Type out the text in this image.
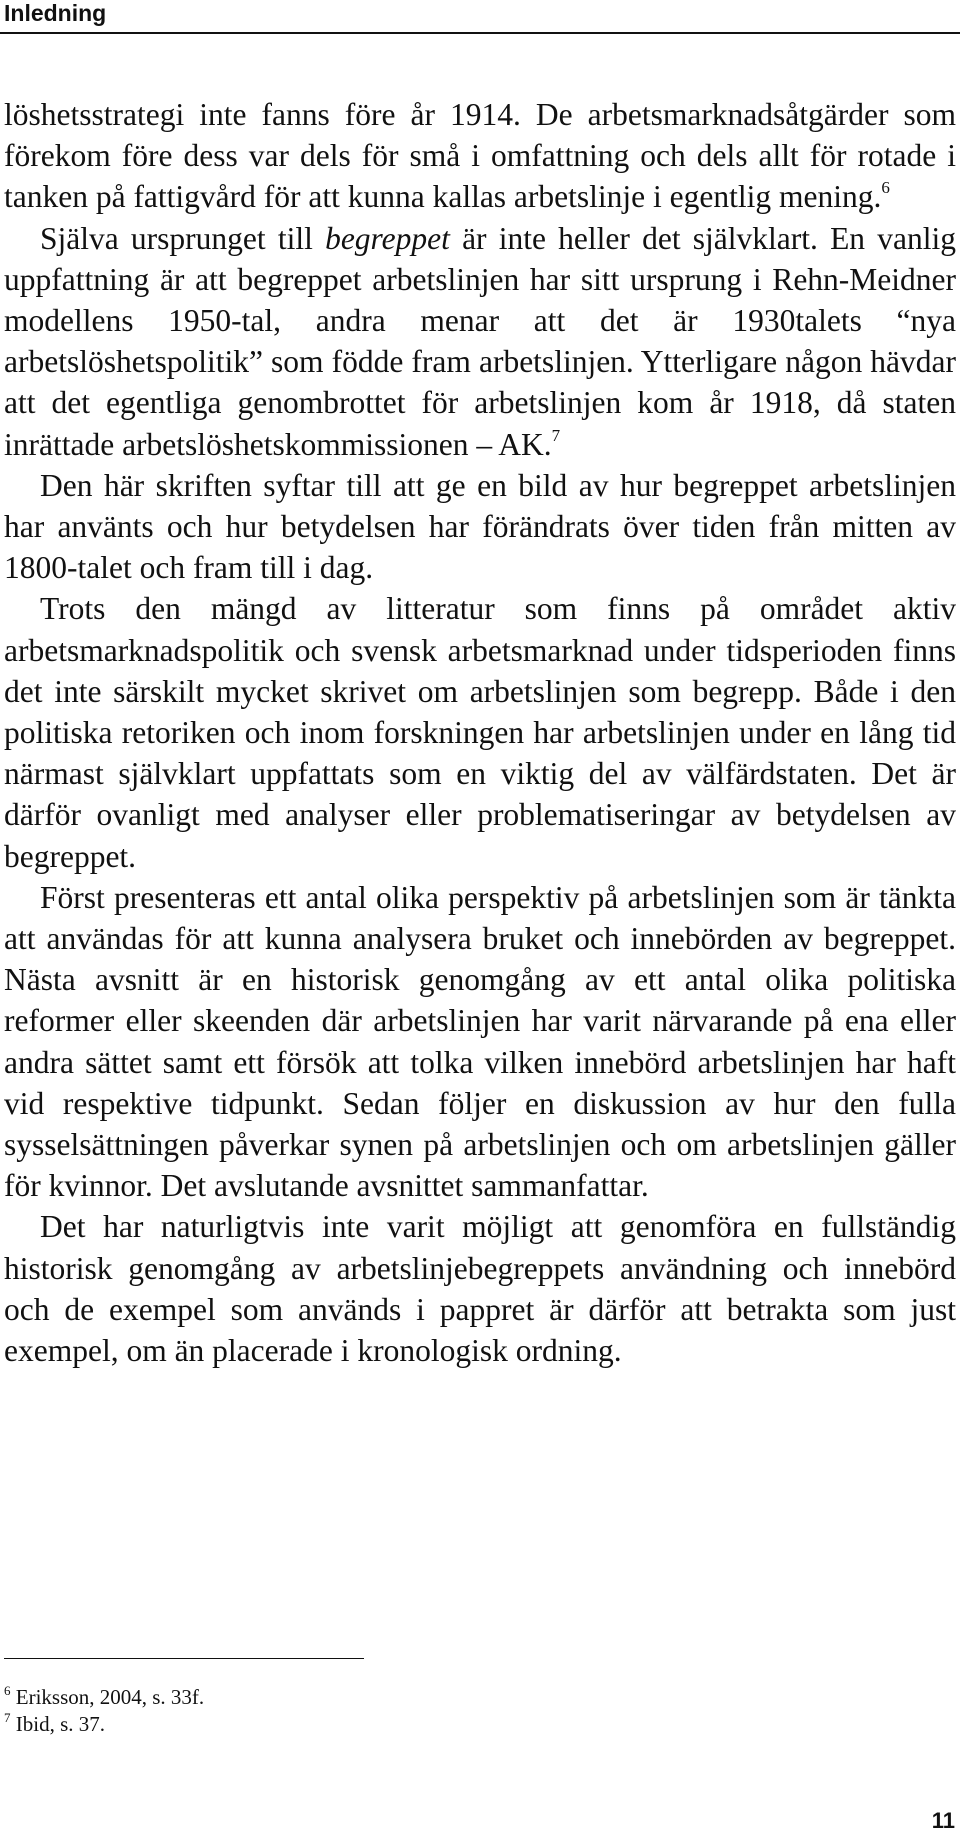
Inledning

löshetsstrategi inte fanns före år 1914. De arbetsmarknadsåtgärder som förekom före dess var dels för små i omfattning och dels allt för rotade i tanken på fattigvård för att kunna kallas arbetslinje i egentlig mening.$^6$

Själva ursprunget till begreppet är inte heller det självklart. En vanlig uppfattning är att begreppet arbetslinjen har sitt ursprung i Rehn-Meidner modellens 1950-tal, andra menar att det är 1930talets “nya arbetslöshetspolitik” som födde fram arbetslinjen. Ytterligare någon hävdar att det egentliga genombrottet för arbetslinjen kom år 1918, då staten inrättade arbetslöshetskommissionen – AK.$^7$

Den här skriften syftar till att ge en bild av hur begreppet arbetslinjen har använts och hur betydelsen har förändrats över tiden från mitten av 1800-talet och fram till i dag.

Trots den mängd av litteratur som finns på området aktiv arbetsmarknadspolitik och svensk arbetsmarknad under tidsperioden finns det inte särskilt mycket skrivet om arbetslinjen som begrepp. Både i den politiska retoriken och inom forskningen har arbetslinjen under en lång tid närmast självklart uppfattats som en viktig del av välfärdstaten. Det är därför ovanligt med analyser eller problematiseringar av betydelsen av begreppet.

Först presenteras ett antal olika perspektiv på arbetslinjen som är tänkta att användas för att kunna analysera bruket och innebörden av begreppet. Nästa avsnitt är en historisk genomgång av ett antal olika politiska reformer eller skeenden där arbetslinjen har varit närvarande på ena eller andra sättet samt ett försök att tolka vilken innebörd arbetslinjen har haft vid respektive tidpunkt. Sedan följer en diskussion av hur den fulla sysselsättningen påverkar synen på arbetslinjen och om arbetslinjen gäller för kvinnor. Det avslutande avsnittet sammanfattar.

Det har naturligtvis inte varit möjligt att genomföra en fullständig historisk genomgång av arbetslinjebegreppets användning och innebörd och de exempel som används i pappret är därför att betrakta som just exempel, om än placerade i kronologisk ordning.

$^6$ Eriksson, 2004, s. 33f.
$^7$ Ibid, s. 37.
11
